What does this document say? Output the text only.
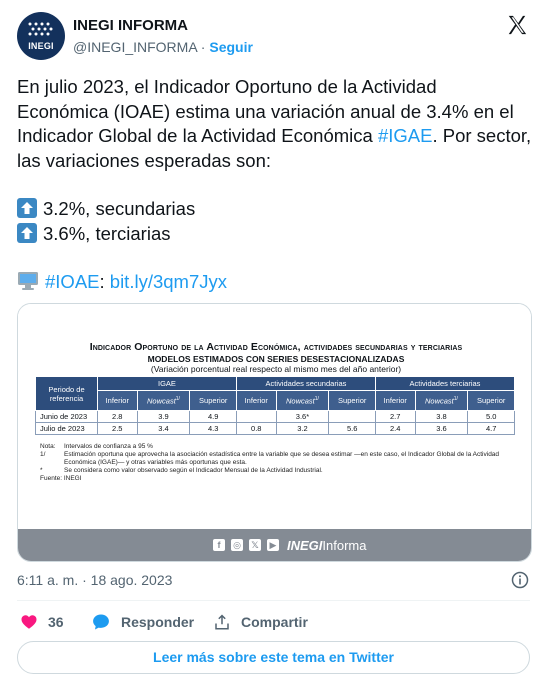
INEGI
INEGI INFORMA
@INEGI_INFORMA · Seguir

En julio 2023, el Indicador Oportuno de la Actividad Económica (IOAE) estima una variación anual de 3.4% en el Indicador Global de la Actividad Económica #IGAE. Por sector, las variaciones esperadas son:

3.2%, secundarias

3.6%, terciarias

#IOAE: bit.ly/3qm7Jyx

Indicador Oportuno de la Actividad Económica, actividades secundarias y terciarias
MODELOS ESTIMADOS CON SERIES DESESTACIONALIZADAS
(Variación porcentual real respecto al mismo mes del año anterior)
Periodo de referencia	IGAE			Actividades secundarias			Actividades terciarias		
	Inferior	Nowcast$^{1/}$	Superior	Inferior	Nowcast$^{1/}$	Superior	Inferior	Nowcast$^{1/}$	Superior
Junio de 2023	2.8	3.9	4.9		3.6*		2.7	3.8	5.0
Julio de 2023	2.5	3.4	4.3	0.8	3.2	5.6	2.4	3.6	4.7
Nota:	Intervalos de confianza a 95 %
1/	Estimación oportuna que aprovecha la asociación estadística entre la variable que se desea estimar —en este caso, el Indicador Global de la Actividad Económica (IGAE)— y otras variables más oportunas que esta.
*	Se considera como valor observado según el Indicador Mensual de la Actividad Industrial.
Fuente: INEGI
f	◎ 𝕏 ▶ INEGIInforma
6:11 a. m. · 18 ago. 2023
36	Responder	Compartir
Leer más sobre este tema en Twitter
